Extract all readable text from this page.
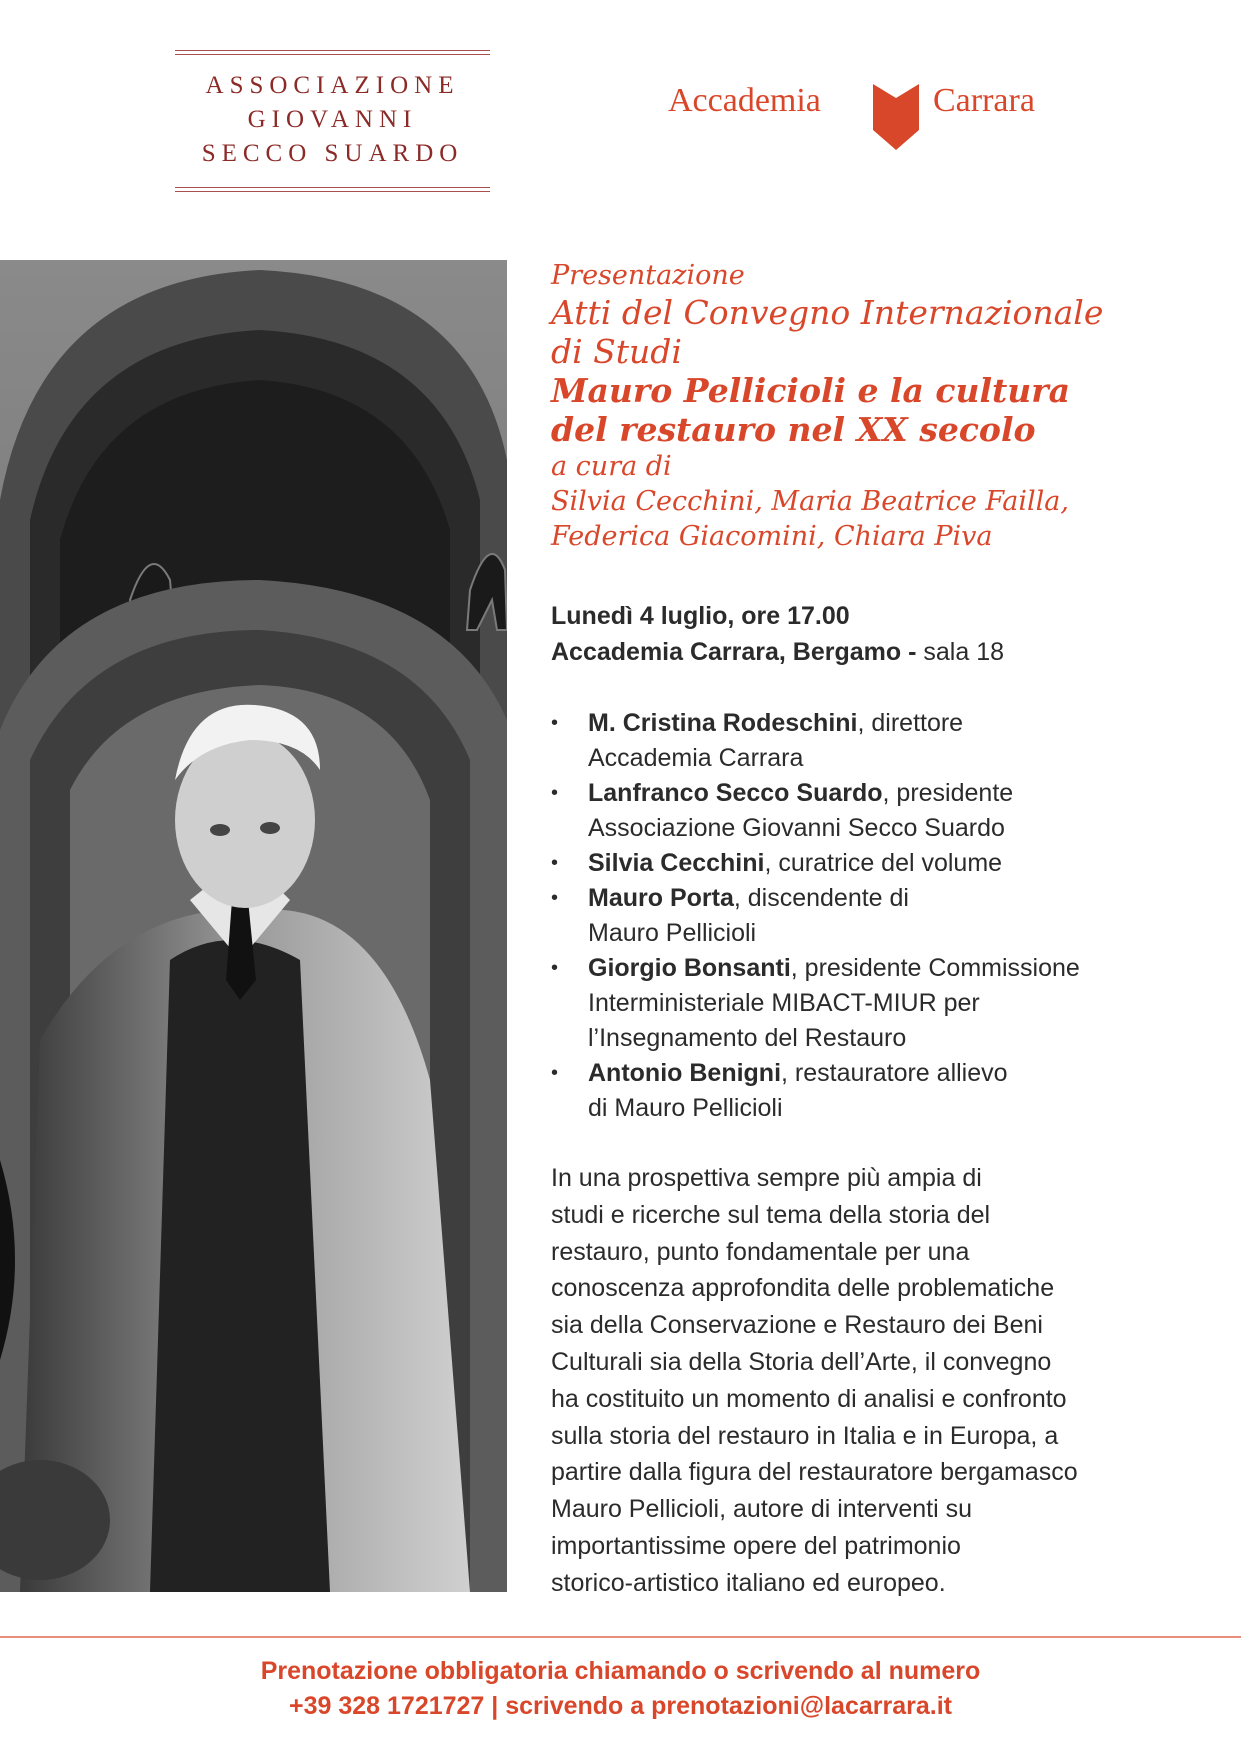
ASSOCIAZIONE
GIOVANNI
SECCO SUARDO
Accademia	Carrara
Presentazione
Atti del Convegno Internazionale
di Studi
Mauro Pellicioli e la cultura
del restauro nel XX secolo
a cura di
Silvia Cecchini, Maria Beatrice Failla,
Federica Giacomini, Chiara Piva
Lunedì 4 luglio, ore 17.00
Accademia Carrara, Bergamo - sala 18
• M. Cristina Rodeschini, direttore
Accademia Carrara
• Lanfranco Secco Suardo, presidente
Associazione Giovanni Secco Suardo
• Silvia Cecchini, curatrice del volume
• Mauro Porta, discendente di
Mauro Pellicioli
• Giorgio Bonsanti, presidente Commissione
Interministeriale MIBACT-MIUR per
l’Insegnamento del Restauro
• Antonio Benigni, restauratore allievo
di Mauro Pellicioli
In una prospettiva sempre più ampia di
studi e ricerche sul tema della storia del
restauro, punto fondamentale per una
conoscenza approfondita delle problematiche
sia della Conservazione e Restauro dei Beni
Culturali sia della Storia dell’Arte, il convegno
ha costituito un momento di analisi e confronto
sulla storia del restauro in Italia e in Europa, a
partire dalla figura del restauratore bergamasco
Mauro Pellicioli, autore di interventi su
importantissime opere del patrimonio
storico-artistico italiano ed europeo.
Prenotazione obbligatoria chiamando o scrivendo al numero
+39 328 1721727 | scrivendo a prenotazioni@lacarrara.it
